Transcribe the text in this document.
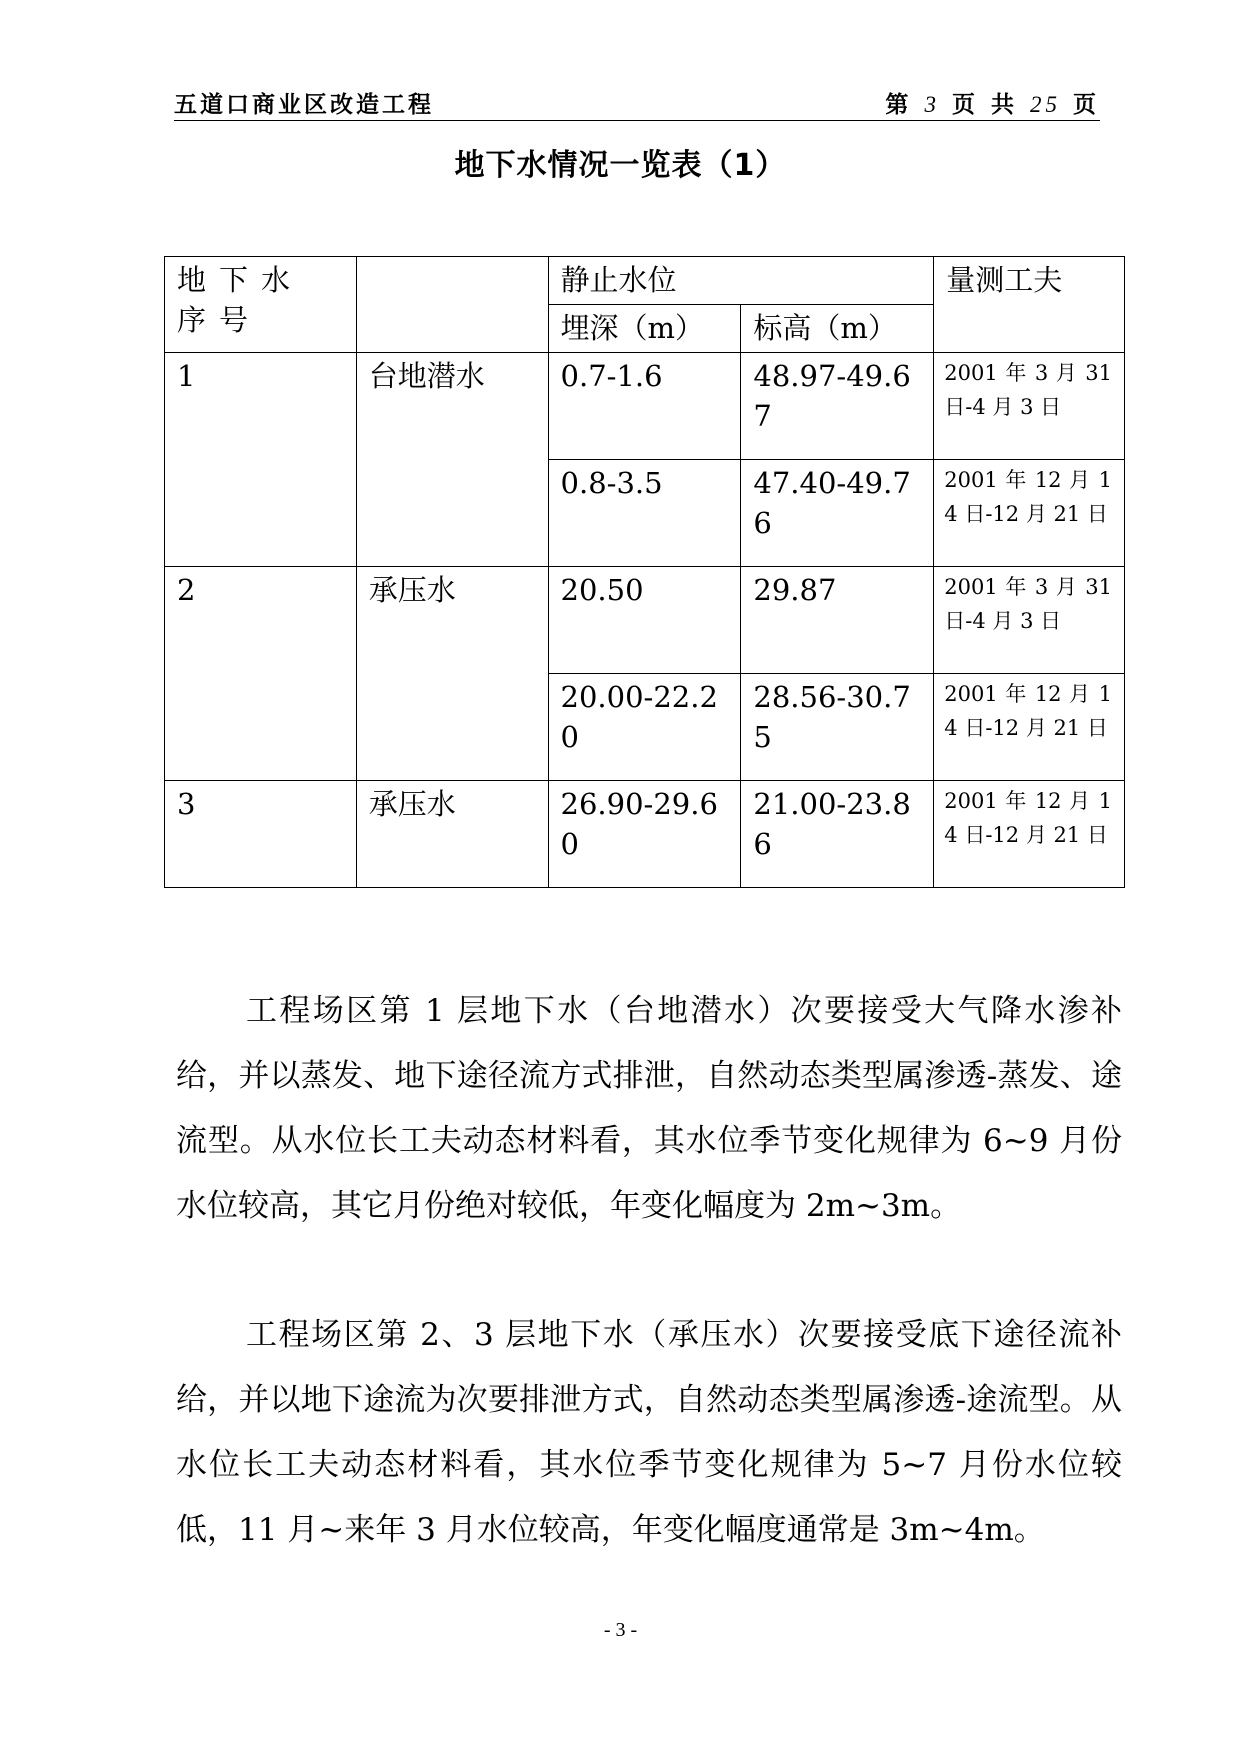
五道口商业区改造工程	第 3 页 共 25 页
地下水情况一览表（1）
地下水序号		静止水位		量测工夫
		埋深（m）	标高（m）	
1	台地潜水	0.7-1.6	48.97-49.67	2001 年 3 月 31 日-4 月 3 日
		0.8-3.5	47.40-49.76	2001 年 12 月 14 日-12 月 21 日
2	承压水	20.50	29.87	2001 年 3 月 31 日-4 月 3 日
		20.00-22.20	28.56-30.75	2001 年 12 月 14 日-12 月 21 日
3	承压水	26.90-29.60	21.00-23.86	2001 年 12 月 14 日-12 月 21 日

工程场区第 1 层地下水（台地潜水）次要接受大气降水渗补给，并以蒸发、地下途径流方式排泄，自然动态类型属渗透-蒸发、途流型。从水位长工夫动态材料看，其水位季节变化规律为 6~9 月份水位较高，其它月份绝对较低，年变化幅度为 2m~3m。

工程场区第 2、3 层地下水（承压水）次要接受底下途径流补给，并以地下途流为次要排泄方式，自然动态类型属渗透-途流型。从水位长工夫动态材料看，其水位季节变化规律为 5~7 月份水位较低，11 月~来年 3 月水位较高，年变化幅度通常是 3m~4m。

- 3 -
